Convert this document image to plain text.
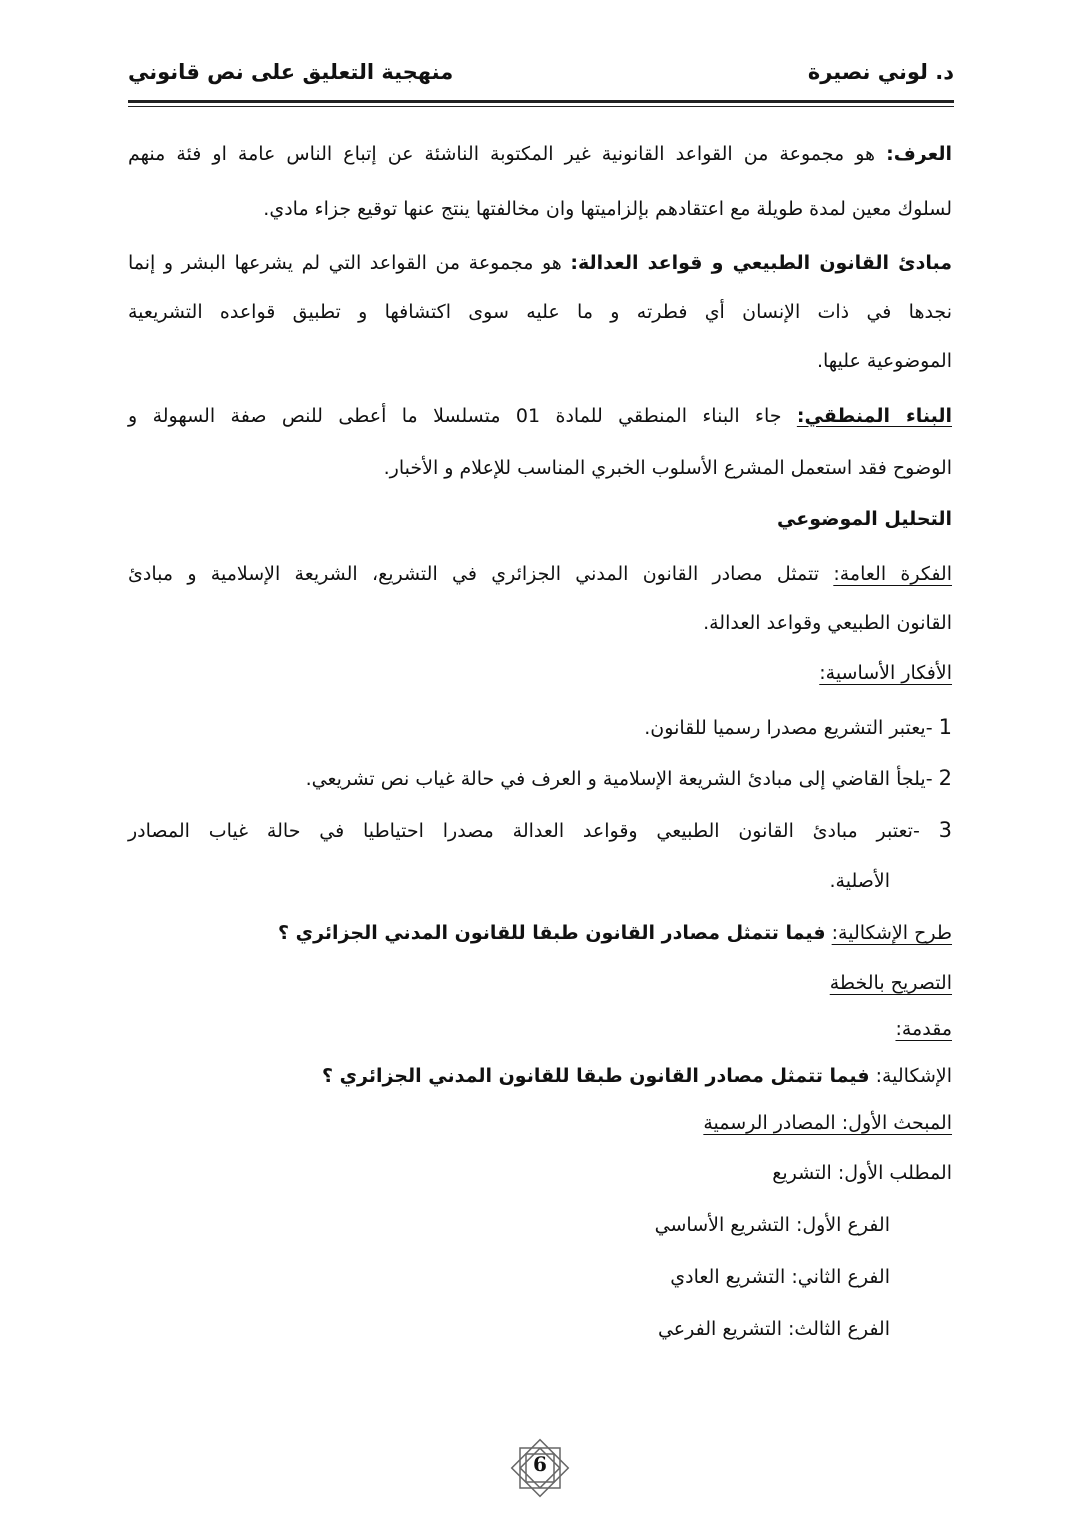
د. لوني نصيرة
منهجية التعليق على نص قانوني
العرف: هو مجموعة من القواعد القانونية غير المكتوبة الناشئة عن إتباع الناس عامة او فئة منهم
لسلوك معين لمدة طويلة مع اعتقادهم بإلزاميتها وان مخالفتها ينتج عنها توقيع جزاء مادي.
مبادئ القانون الطبيعي و قواعد العدالة: هو مجموعة من القواعد التي لم يشرعها البشر و إنما
نجدها في ذات الإنسان أي فطرته و ما عليه سوى اكتشافها و تطبيق قواعده التشريعية
الموضوعية عليها.
البناء المنطقي: جاء البناء المنطقي للمادة 01 متسلسلا ما أعطى للنص صفة السهولة و
الوضوح فقد استعمل المشرع الأسلوب الخبري المناسب للإعلام و الأخبار.
التحليل الموضوعي
الفكرة العامة: تتمثل مصادر القانون المدني الجزائري في التشريع، الشريعة الإسلامية و مبادئ
القانون الطبيعي وقواعد العدالة.
الأفكار الأساسية:
1 -يعتبر التشريع مصدرا رسميا للقانون.
2 -يلجأ القاضي إلى مبادئ الشريعة الإسلامية و العرف في حالة غياب نص تشريعي.
3 -تعتبر مبادئ القانون الطبيعي وقواعد العدالة مصدرا احتياطيا في حالة غياب المصادر
الأصلية.
طرح الإشكالية: فيما تتمثل مصادر القانون طبقا للقانون المدني الجزائري ؟
التصريح بالخطة
مقدمة:
الإشكالية: فيما تتمثل مصادر القانون طبقا للقانون المدني الجزائري ؟
المبحث الأول: المصادر الرسمية
المطلب الأول: التشريع
الفرع الأول: التشريع الأساسي
الفرع الثاني: التشريع العادي
الفرع الثالث: التشريع الفرعي
6
